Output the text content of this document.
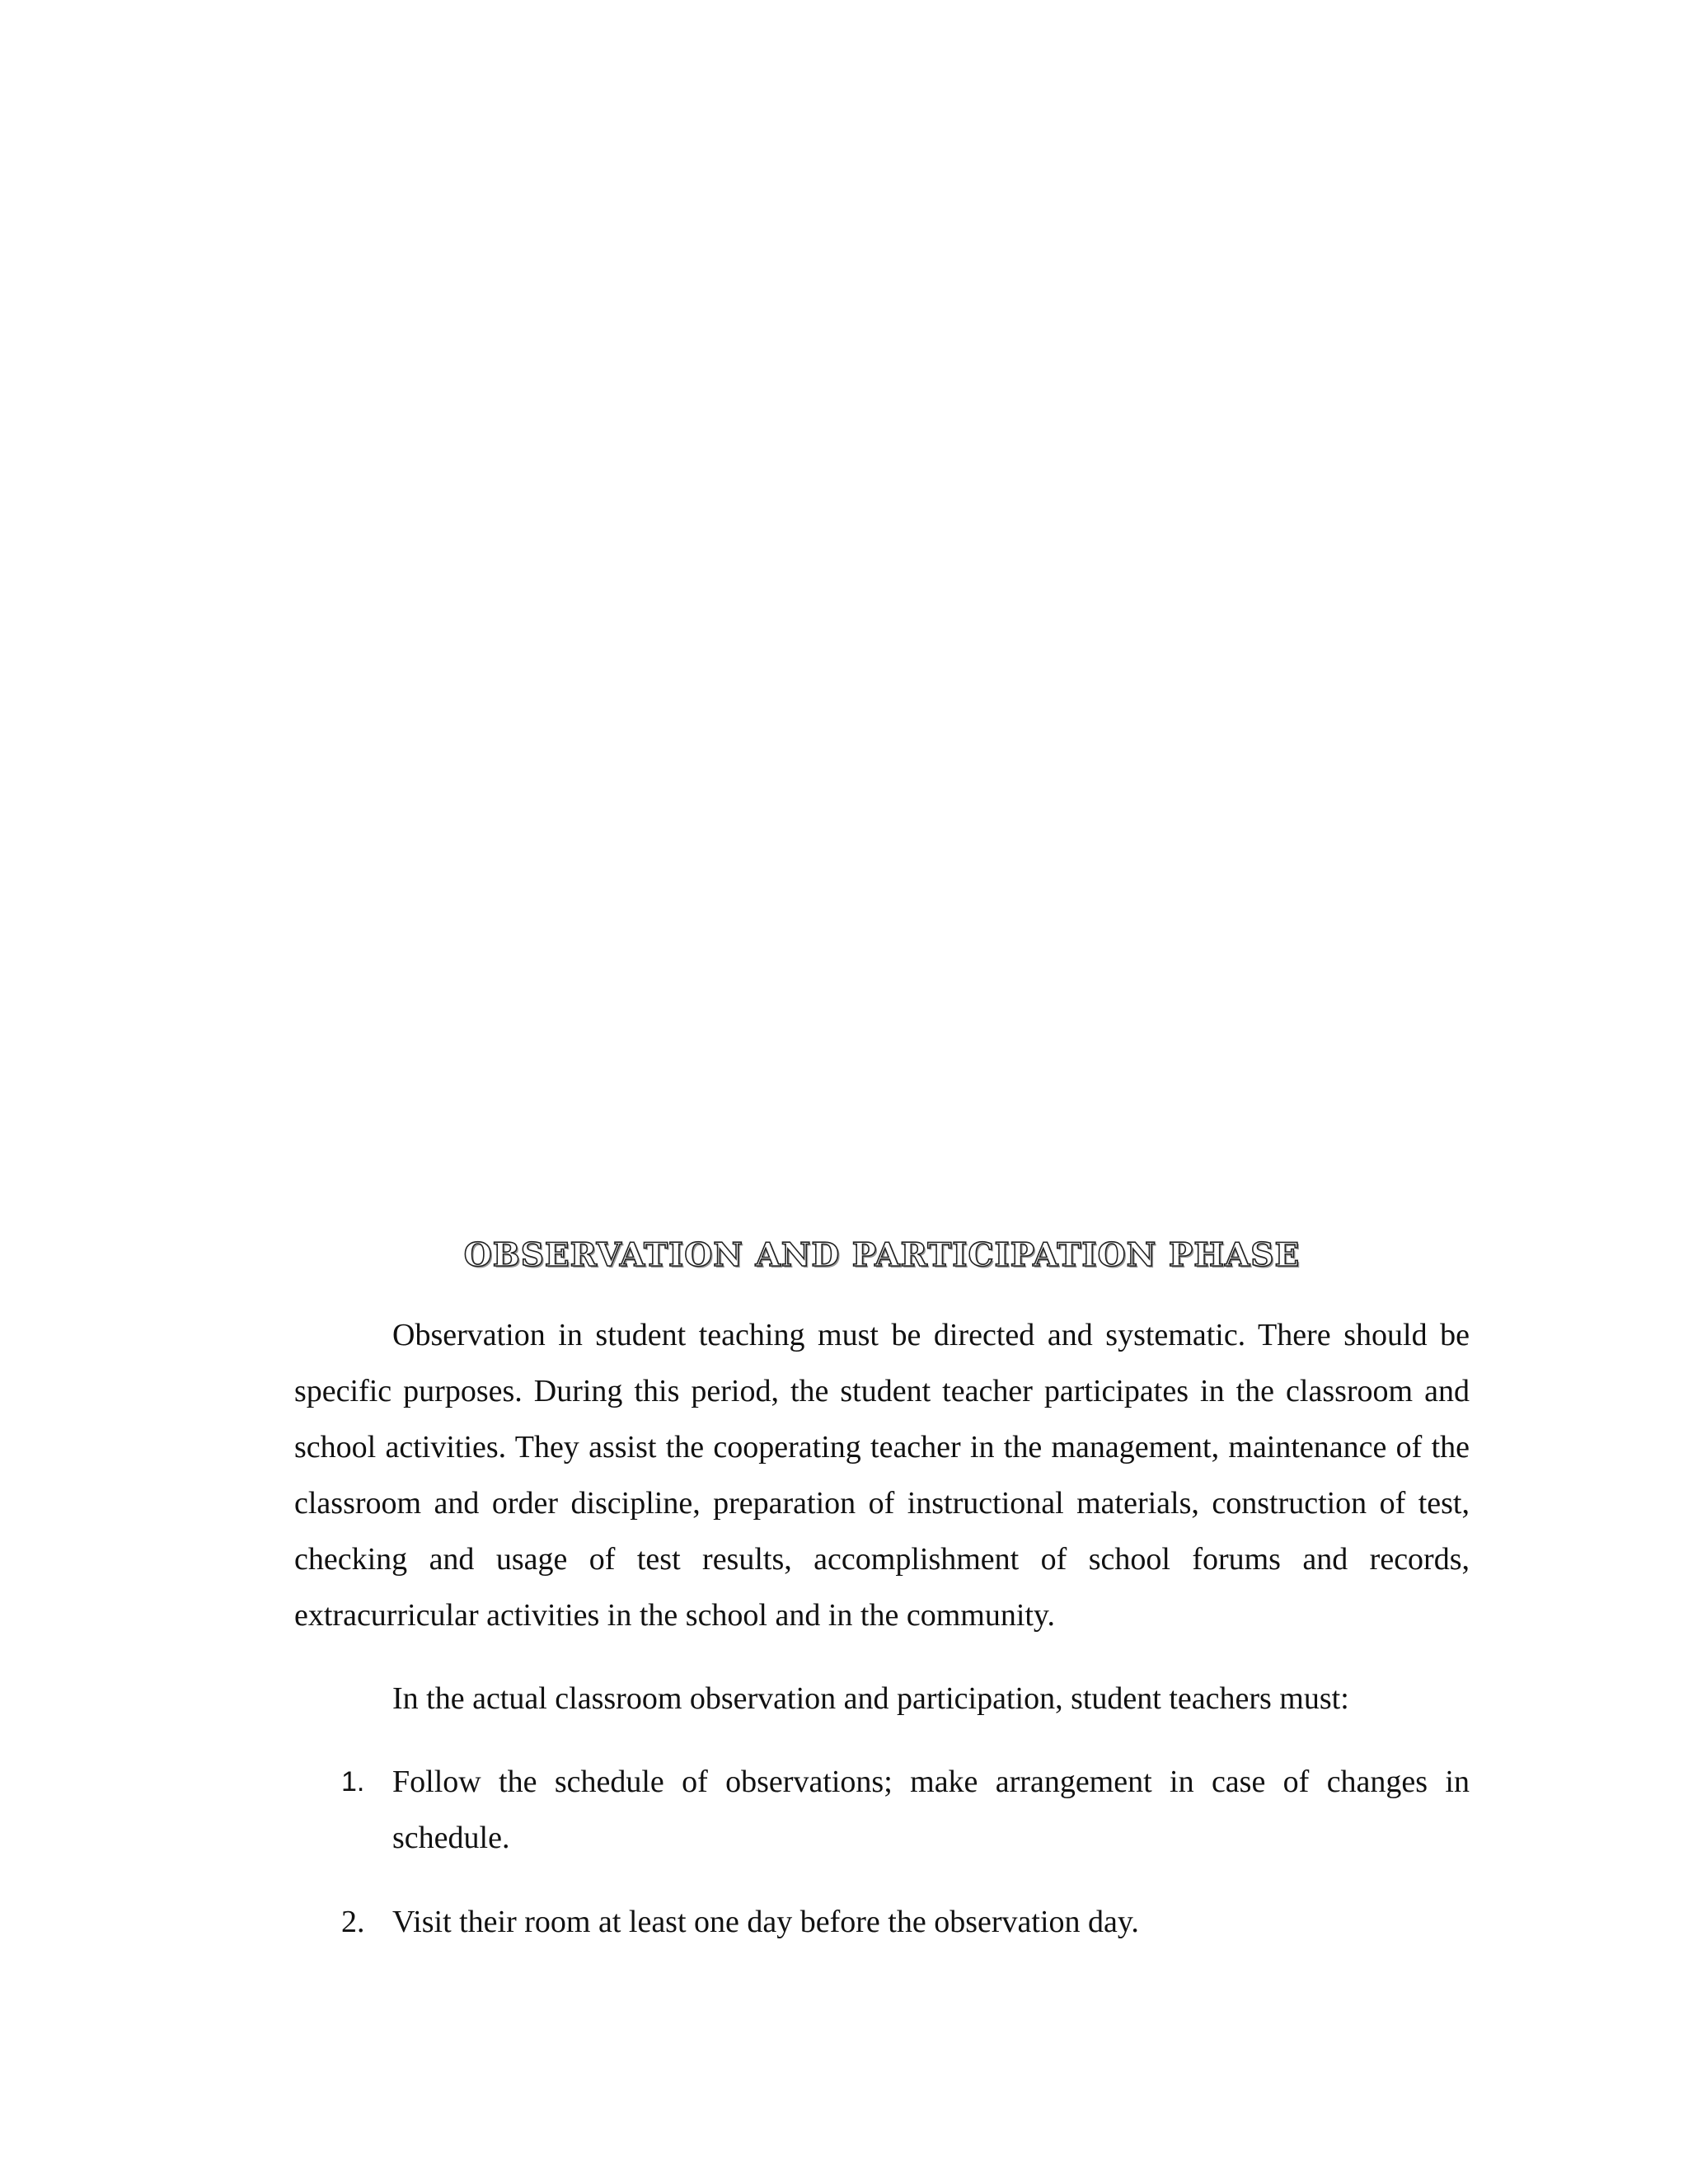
OBSERVATION AND PARTICIPATION PHASE

Observation in student teaching must be directed and systematic. There should be specific purposes. During this period, the student teacher participates in the classroom and school activities. They assist the cooperating teacher in the management, maintenance of the classroom and order discipline, preparation of instructional materials, construction of test, checking and usage of test results, accomplishment of school forums and records, extracurricular activities in the school and in the community.

In the actual classroom observation and participation, student teachers must:

1. Follow the schedule of observations; make arrangement in case of changes in schedule.
2. Visit their room at least one day before the observation day.
